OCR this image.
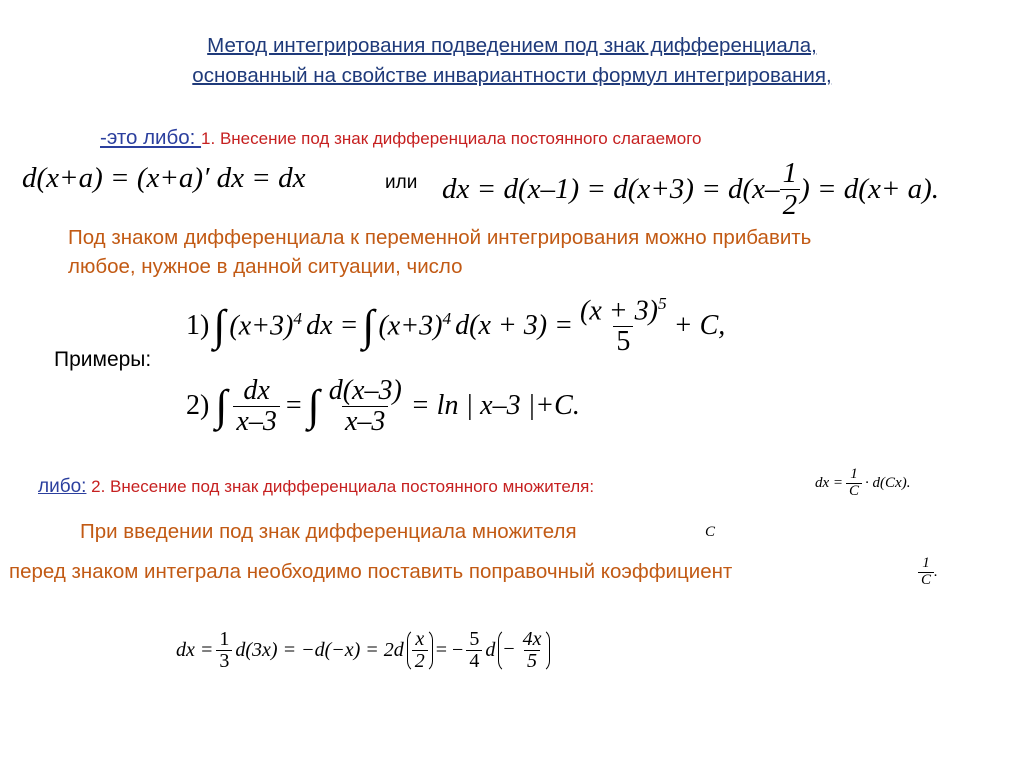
Метод интегрирования подведением под знак дифференциала,
основанный на свойстве инвариантности формул интегрирования,
-это либо: 1. Внесение под знак дифференциала постоянного слагаемого
d(x+a) = (x+a)′ dx = dx	или dx = $d(x-1) = d(x+3) = d(x- \frac{1}{2}$ ) = d(x+ a).
Под знаком дифференциала к переменной интегрирования можно прибавить
любое, нужное в данной ситуации, число
Примеры:
1) ∫ $(x+3)^4$ dx = ∫ $(x+3)^4$ $d(x + 3) = \frac{(x + 3)^5}{5} + C$,
2) ∫ $\frac{dx}{x-3}$ = ∫ $\frac{d(x-3)}{x-3} = \ln$ | x–3 |+C.
либо: 2. Внесение под знак дифференциала постоянного множителя:	dx = $\frac{1}{C} \cdot d(Cx)$.
При введении под знак дифференциала множителя	C
перед знаком интеграла необходимо поставить поправочный коэффициент	$\frac{1}{C}$ .
dx = $\frac{1}{3} d(3x) = -d(-x) = 2d \frac{x}{2}$ = − $\frac{5}{4}$ $d - \frac{4x}{5}$
